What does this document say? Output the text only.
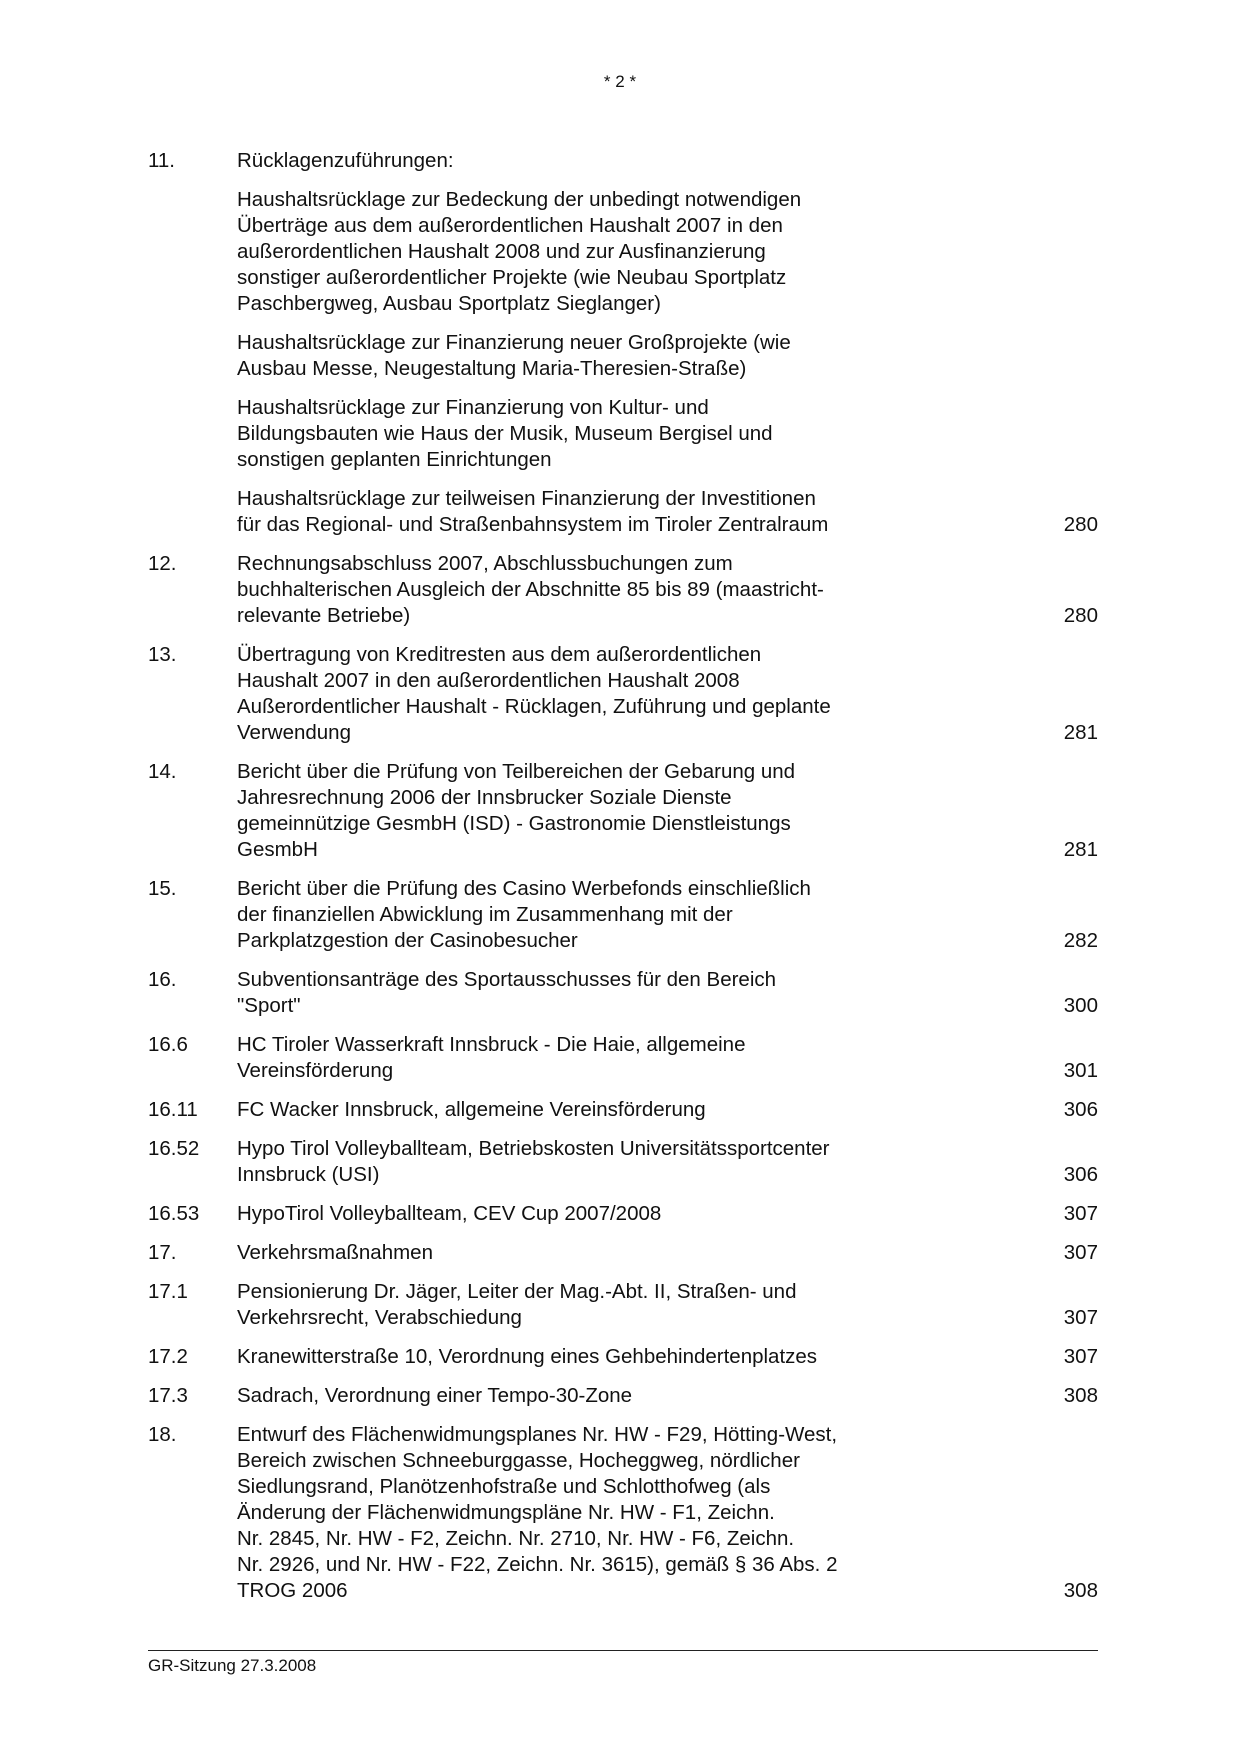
* 2 *
11.	Rücklagenzuführungen:
Haushaltsrücklage zur Bedeckung der unbedingt notwendigen
Überträge aus dem außerordentlichen Haushalt 2007 in den
außerordentlichen Haushalt 2008 und zur Ausfinanzierung
sonstiger außerordentlicher Projekte (wie Neubau Sportplatz
Paschbergweg, Ausbau Sportplatz Sieglanger)
Haushaltsrücklage zur Finanzierung neuer Großprojekte (wie
Ausbau Messe, Neugestaltung Maria-Theresien-Straße)
Haushaltsrücklage zur Finanzierung von Kultur- und
Bildungsbauten wie Haus der Musik, Museum Bergisel und
sonstigen geplanten Einrichtungen
Haushaltsrücklage zur teilweisen Finanzierung der Investitionen
für das Regional- und Straßenbahnsystem im Tiroler Zentralraum	280
12.	Rechnungsabschluss 2007, Abschlussbuchungen zum
buchhalterischen Ausgleich der Abschnitte 85 bis 89 (maastricht-
relevante Betriebe)	280
13.	Übertragung von Kreditresten aus dem außerordentlichen
Haushalt 2007 in den außerordentlichen Haushalt 2008
Außerordentlicher Haushalt - Rücklagen, Zuführung und geplante
Verwendung	281
14.	Bericht über die Prüfung von Teilbereichen der Gebarung und
Jahresrechnung 2006 der Innsbrucker Soziale Dienste
gemeinnützige GesmbH (ISD) - Gastronomie Dienstleistungs
GesmbH	281
15.	Bericht über die Prüfung des Casino Werbefonds einschließlich
der finanziellen Abwicklung im Zusammenhang mit der
Parkplatzgestion der Casinobesucher	282
16.	Subventionsanträge des Sportausschusses für den Bereich
"Sport"	300
16.6	HC Tiroler Wasserkraft Innsbruck - Die Haie, allgemeine
Vereinsförderung	301
16.11	FC Wacker Innsbruck, allgemeine Vereinsförderung	306
16.52	Hypo Tirol Volleyballteam, Betriebskosten Universitätssportcenter
Innsbruck (USI)	306
16.53	HypoTirol Volleyballteam, CEV Cup 2007/2008	307
17.	Verkehrsmaßnahmen	307
17.1	Pensionierung Dr. Jäger, Leiter der Mag.-Abt. II, Straßen- und
Verkehrsrecht, Verabschiedung	307
17.2	Kranewitterstraße 10, Verordnung eines Gehbehindertenplatzes	307
17.3	Sadrach, Verordnung einer Tempo-30-Zone	308
18.	Entwurf des Flächenwidmungsplanes Nr. HW - F29, Hötting-West,
Bereich zwischen Schneeburggasse, Hocheggweg, nördlicher
Siedlungsrand, Planötzenhofstraße und Schlotthofweg (als
Änderung der Flächenwidmungspläne Nr. HW - F1, Zeichn.
Nr. 2845, Nr. HW - F2, Zeichn. Nr. 2710, Nr. HW - F6, Zeichn.
Nr. 2926, und Nr. HW - F22, Zeichn. Nr. 3615), gemäß § 36 Abs. 2
TROG 2006	308
GR-Sitzung 27.3.2008
